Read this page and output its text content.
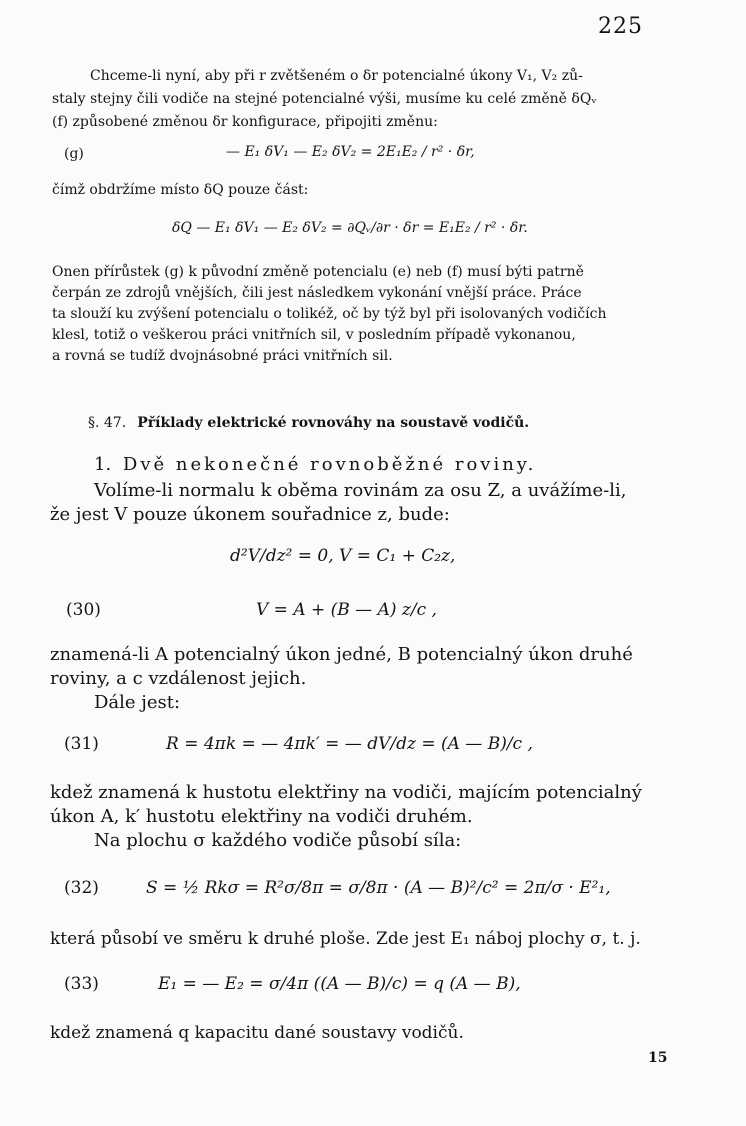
225
Chceme-li nyní, aby při r zvětšeném o δr potencialné úkony V₁, V₂ zů-
staly stejny čili vodiče na stejné potencialné výši, musíme ku celé změně δQᵥ
(f) způsobené změnou δr konfigurace, připojiti změnu:
(g)	— E₁ δV₁ — E₂ δV₂ = 2E₁E₂ / r² · δr,
čímž obdržíme místo δQ pouze část:
δQ — E₁ δV₁ — E₂ δV₂ = ∂Qᵥ/∂r · δr = E₁E₂ / r² · δr.
Onen přírůstek (g) k původní změně potencialu (e) neb (f) musí býti patrně
čerpán ze zdrojů vnějších, čili jest následkem vykonání vnější práce. Práce
ta slouží ku zvýšení potencialu o tolikéž, oč by týž byl při isolovaných vodičích
klesl, totiž o veškerou práci vnitřních sil, v posledním případě vykonanou,
a rovná se tudíž dvojnásobné práci vnitřních sil.
§. 47. Příklady elektrické rovnováhy na soustavě vodičů.
1. Dvě nekonečné rovnoběžné roviny.
Volíme-li normalu k oběma rovinám za osu Z, a uvážíme-li,
že jest V pouze úkonem souřadnice z, bude:
d²V/dz² = 0, V = C₁ + C₂z,
(30)	V = A + (B — A) z/c ,
znamená-li A potencialný úkon jedné, B potencialný úkon druhé
roviny, a c vzdálenost jejich.
Dále jest:
(31)	R = 4πk = — 4πk′ = — dV/dz = (A — B)/c ,
kdež znamená k hustotu elektřiny na vodiči, majícím potencialný
úkon A, k′ hustotu elektřiny na vodiči druhém.
Na plochu σ každého vodiče působí síla:
(32)	S = ½ Rkσ = R²σ/8π = σ/8π · (A — B)²/c² = 2π/σ · E²₁,
která působí ve směru k druhé ploše. Zde jest E₁ náboj plochy σ, t. j.
(33)	E₁ = — E₂ = σ/4π ((A — B)/c) = q (A — B),
kdež znamená q kapacitu dané soustavy vodičů.
15
